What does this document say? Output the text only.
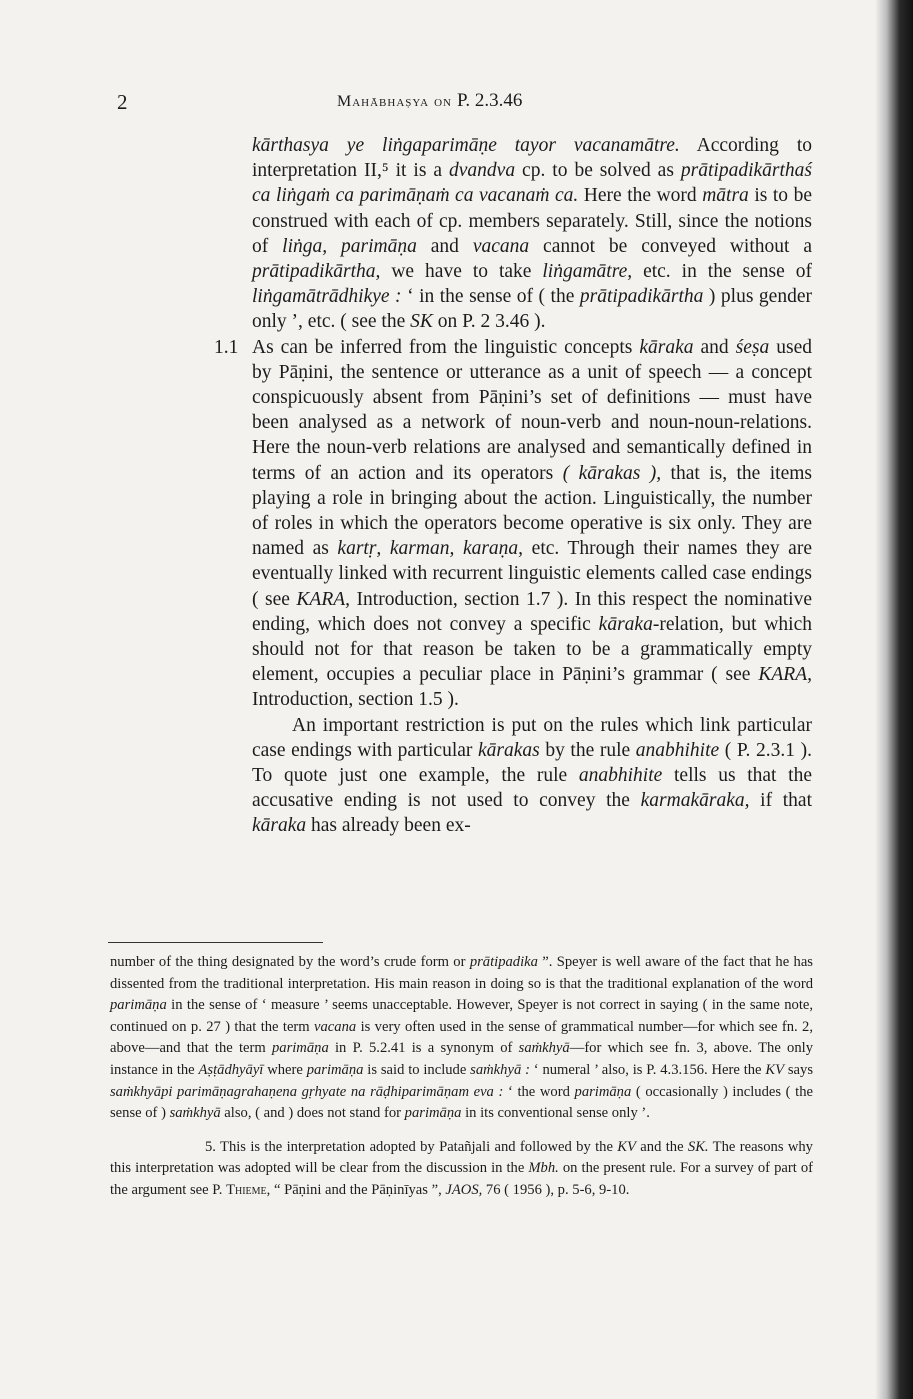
2	Mahābhaṣya on P. 2.3.46

kārthasya ye liṅgaparimāṇe tayor vacanamātre. According to interpretation II,⁵ it is a dvandva cp. to be solved as prātipadikārthaś ca liṅgaṁ ca parimāṇaṁ ca vacanaṁ ca. Here the word mātra is to be construed with each of cp. members separately. Still, since the notions of liṅga, parimāṇa and vacana cannot be conveyed without a prātipadikārtha, we have to take liṅgamātre, etc. in the sense of liṅgamātrādhikye : ‘ in the sense of ( the prātipadikārtha ) plus gender only ’, etc. ( see the SK on P. 2 3.46 ).

1.1 As can be inferred from the linguistic concepts kāraka and śeṣa used by Pāṇini, the sentence or utterance as a unit of speech — a concept conspicuously absent from Pāṇini’s set of definitions — must have been analysed as a network of noun-verb and noun-noun-relations. Here the noun-verb relations are analysed and semantically defined in terms of an action and its operators ( kārakas ), that is, the items playing a role in bringing about the action. Linguistically, the number of roles in which the operators become operative is six only. They are named as kartṛ, karman, karaṇa, etc. Through their names they are eventually linked with recurrent linguistic elements called case endings ( see KARA, Introduction, section 1.7 ). In this respect the nominative ending, which does not convey a specific kāraka-relation, but which should not for that reason be taken to be a grammatically empty element, occupies a peculiar place in Pāṇini’s grammar ( see KARA, Introduction, section 1.5 ).

An important restriction is put on the rules which link particular case endings with particular kārakas by the rule anabhihite ( P. 2.3.1 ). To quote just one example, the rule anabhihite tells us that the accusative ending is not used to convey the karmakāraka, if that kāraka has already been ex-

number of the thing designated by the word’s crude form or prātipadika ”. Speyer is well aware of the fact that he has dissented from the traditional interpretation. His main reason in doing so is that the traditional explanation of the word parimāṇa in the sense of ‘ measure ’ seems unacceptable. However, Speyer is not correct in saying ( in the same note, continued on p. 27 ) that the term vacana is very often used in the sense of grammatical number—for which see fn. 2, above—and that the term parimāṇa in P. 5.2.41 is a synonym of saṁkhyā—for which see fn. 3, above. The only instance in the Aṣṭādhyāyī where parimāṇa is said to include saṁkhyā : ‘ numeral ’ also, is P. 4.3.156. Here the KV says saṁkhyāpi parimāṇagrahaṇena gṛhyate na rāḍhiparimāṇam eva : ‘ the word parimāṇa ( occasionally ) includes ( the sense of ) saṁkhyā also, ( and ) does not stand for parimāṇa in its conventional sense only ’.

5. This is the interpretation adopted by Patañjali and followed by the KV and the SK. The reasons why this interpretation was adopted will be clear from the discussion in the Mbh. on the present rule. For a survey of part of the argument see P. Thieme, “ Pāṇini and the Pāṇinīyas ”, JAOS, 76 ( 1956 ), p. 5-6, 9-10.
